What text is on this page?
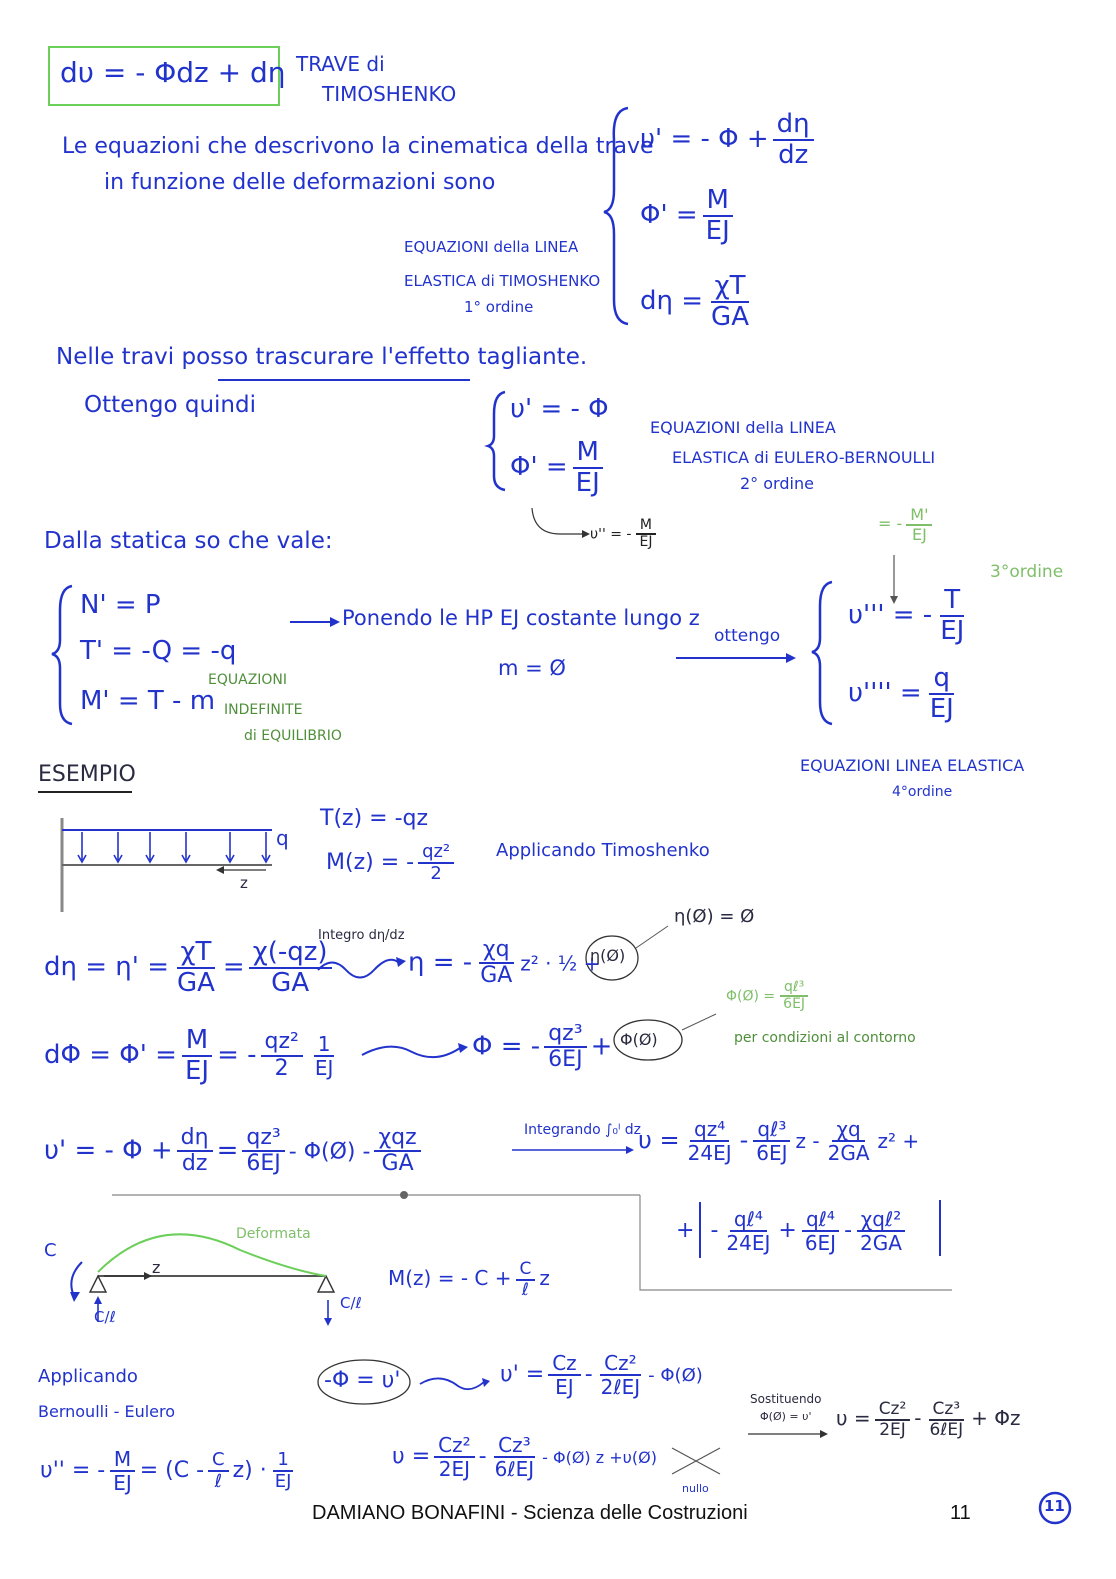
dυ = - Φdz + dη TRAVE di
TIMOSHENKO
Le equazioni che descrivono la cinematica della trave
in funzione delle deformazioni sono
υ' = - $\Phi + \frac{d\eta}{dz}$
$\Phi' = \frac{M}{EJ}$
$d\eta = \frac{\chi T}{GA}$
EQUAZIONI della LINEA
ELASTICA di TIMOSHENKO
1° ordine
Nelle travi posso trascurare l'effetto tagliante.
Ottengo quindi	υ' = - Φ
$\Phi' = \frac{M}{EJ}$
υ'' = - $\frac{M}{EJ}$
EQUAZIONI della LINEA
ELASTICA di EULERO-BERNOULLI
2° ordine
Dalla statica so che vale:
N' = P
T' = -Q = -q
M' = T - m
EQUAZIONI
INDEFINITE
di EQUILIBRIO
Ponendo le HP EJ costante lungo z
m = Ø
ottengo
= - $\frac{M'}{EJ}$
3°ordine
υ''' = - $\frac{T}{EJ}$
$\upsilon'''' = \frac{q}{EJ}$
EQUAZIONI LINEA ELASTICA
4°ordine
ESEMPIO
q
z
T(z) = -qz
M(z) = - $\frac{\text{qz²}}{2}$ Applicando Timoshenko
$d\eta = \eta' = \frac{\chi T}{GA} = \frac{\chi(-qz)}{GA}$
Integro dη/dz
η = - $\frac{\chi q}{GA} z^2$ · ½ +
η(Ø)
η(Ø) = Ø
$d\Phi = \Phi' = \frac{M}{EJ}$ = - $\frac{\text{qz²}}{2} \frac{1}{EJ}$	Φ = - $\frac{\text{qz³}}{6EJ}$ + Φ(Ø)
Φ(Ø) = $\frac{\text{qℓ³}}{6EJ}$
per condizioni al contorno
υ' = - $\Phi + \frac{d\eta}{dz} = \frac{\text{qz³}}{6EJ}$ - Φ(Ø) - $\frac{\text{χqz}}{GA}$	Integrando ∫₀ˡ dz
$\upsilon = \frac{\text{qz⁴}}{24EJ} - \frac{\text{qℓ³}}{6EJ}$ z - $\frac{\chi q}{2GA} z^2$ +
+ - $\frac{\text{qℓ⁴}}{24EJ} + \frac{\text{qℓ⁴}}{6EJ} - \frac{\text{χqℓ²}}{2GA}$
C
Deformata
z
C/ℓ
C/ℓ
M(z) = - $C + \frac{C}{\text{ℓ}}$ z
Applicando
Bernoulli - Eulero
-Φ = υ'	$\upsilon' = \frac{Cz}{EJ} - \frac{\text{Cz²}}{\text{2ℓEJ}}$ - Φ(Ø)
υ'' = - $\frac{M}{EJ} = (C - \frac{C}{\text{ℓ}} z) \cdot \frac{1}{EJ}$	$\upsilon = \frac{\text{Cz²}}{2EJ} - \frac{\text{Cz³}}{\text{6ℓEJ}}$ - Φ(Ø) z +υ(Ø)
nullo
Sostituendo
Φ(Ø) = υ' $\upsilon = \frac{\text{Cz²}}{2EJ} - \frac{\text{Cz³}}{\text{6ℓEJ}} + \Phi z$
DAMIANO BONAFINI - Scienza delle Costruzioni	11	11
